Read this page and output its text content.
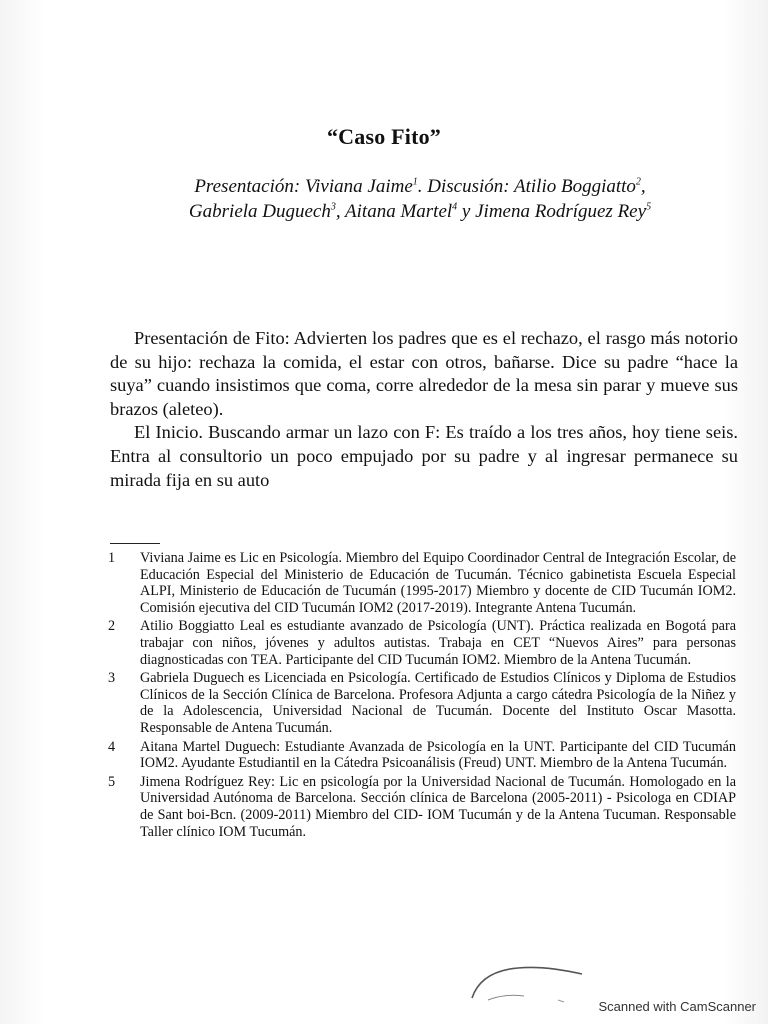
“Caso Fito”
Presentación: Viviana Jaime$^1$. Discusión: Atilio Boggiatto$^2$,
Gabriela Duguech$^3$, Aitana Martel$^4$ y Jimena Rodríguez Rey$^5$

Presentación de Fito: Advierten los padres que es el rechazo, el rasgo más notorio de su hijo: rechaza la comida, el estar con otros, bañarse. Dice su padre “hace la suya” cuando insistimos que coma, corre alrededor de la mesa sin parar y mueve sus brazos (aleteo).

El Inicio. Buscando armar un lazo con F: Es traído a los tres años, hoy tiene seis. Entra al consultorio un poco empujado por su padre y al ingresar permanece su mirada fija en su auto

1	Viviana Jaime es Lic en Psicología. Miembro del Equipo Coordinador Central de Integración Escolar, de Educación Especial del Ministerio de Educación de Tucumán. Técnico gabinetista Escuela Especial ALPI, Ministerio de Educación de Tucumán (1995-2017) Miembro y docente de CID Tucumán IOM2. Comisión ejecutiva del CID Tucumán IOM2 (2017-2019). Integrante Antena Tucumán.
2	Atilio Boggiatto Leal es estudiante avanzado de Psicología (UNT). Práctica realizada en Bogotá para trabajar con niños, jóvenes y adultos autistas. Trabaja en CET “Nuevos Aires” para personas diagnosticadas con TEA. Participante del CID Tucumán IOM2. Miembro de la Antena Tucumán.
3	Gabriela Duguech es Licenciada en Psicología. Certificado de Estudios Clínicos y Diploma de Estudios Clínicos de la Sección Clínica de Barcelona. Profesora Adjunta a cargo cátedra Psicología de la Niñez y de la Adolescencia, Universidad Nacional de Tucumán. Docente del Instituto Oscar Masotta. Responsable de Antena Tucumán.
4	Aitana Martel Duguech: Estudiante Avanzada de Psicología en la UNT. Participante del CID Tucumán IOM2. Ayudante Estudiantil en la Cátedra Psicoanálisis (Freud) UNT. Miembro de la Antena Tucumán.
5	Jimena Rodríguez Rey: Lic en psicología por la Universidad Nacional de Tucumán. Homologado en la Universidad Autónoma de Barcelona. Sección clínica de Barcelona (2005-2011) - Psicologa en CDIAP de Sant boi-Bcn. (2009-2011) Miembro del CID- IOM Tucumán y de la Antena Tucuman. Responsable Taller clínico IOM Tucumán.
Scanned with CamScanner
